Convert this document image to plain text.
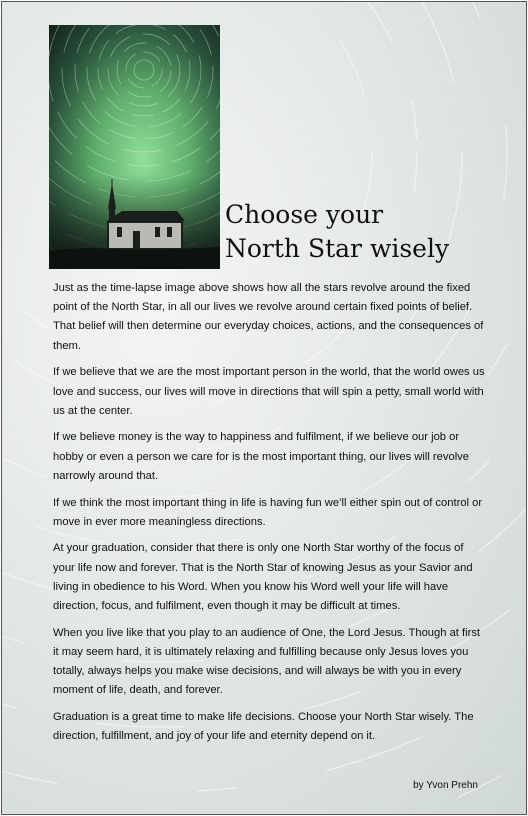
Choose your
North Star wisely

Just as the time-lapse image above shows how all the stars revolve around the fixed point of the North Star, in all our lives we revolve around certain fixed points of belief. That belief will then determine our everyday choices, actions, and the consequences of them.

If we believe that we are the most important person in the world, that the world owes us love and success, our lives will move in directions that will spin a petty, small world with us at the center.

If we believe money is the way to happiness and fulfilment, if we believe our job or hobby or even a person we care for is the most important thing, our lives will revolve narrowly around that.

If we think the most important thing in life is having fun we’ll either spin out of control or move in ever more meaningless directions.

At your graduation, consider that there is only one North Star worthy of the focus of your life now and forever. That is the North Star of knowing Jesus as your Savior and living in obedience to his Word. When you know his Word well your life will have direction, focus, and fulfilment, even though it may be difficult at times.

When you live like that you play to an audience of One, the Lord Jesus. Though at first it may seem hard, it is ultimately relaxing and fulfilling because only Jesus loves you totally, always helps you make wise decisions, and will always be with you in every moment of life, death, and forever.

Graduation is a great time to make life decisions. Choose your North Star wisely. The direction, fulfillment, and joy of your life and eternity depend on it.

by Yvon Prehn
